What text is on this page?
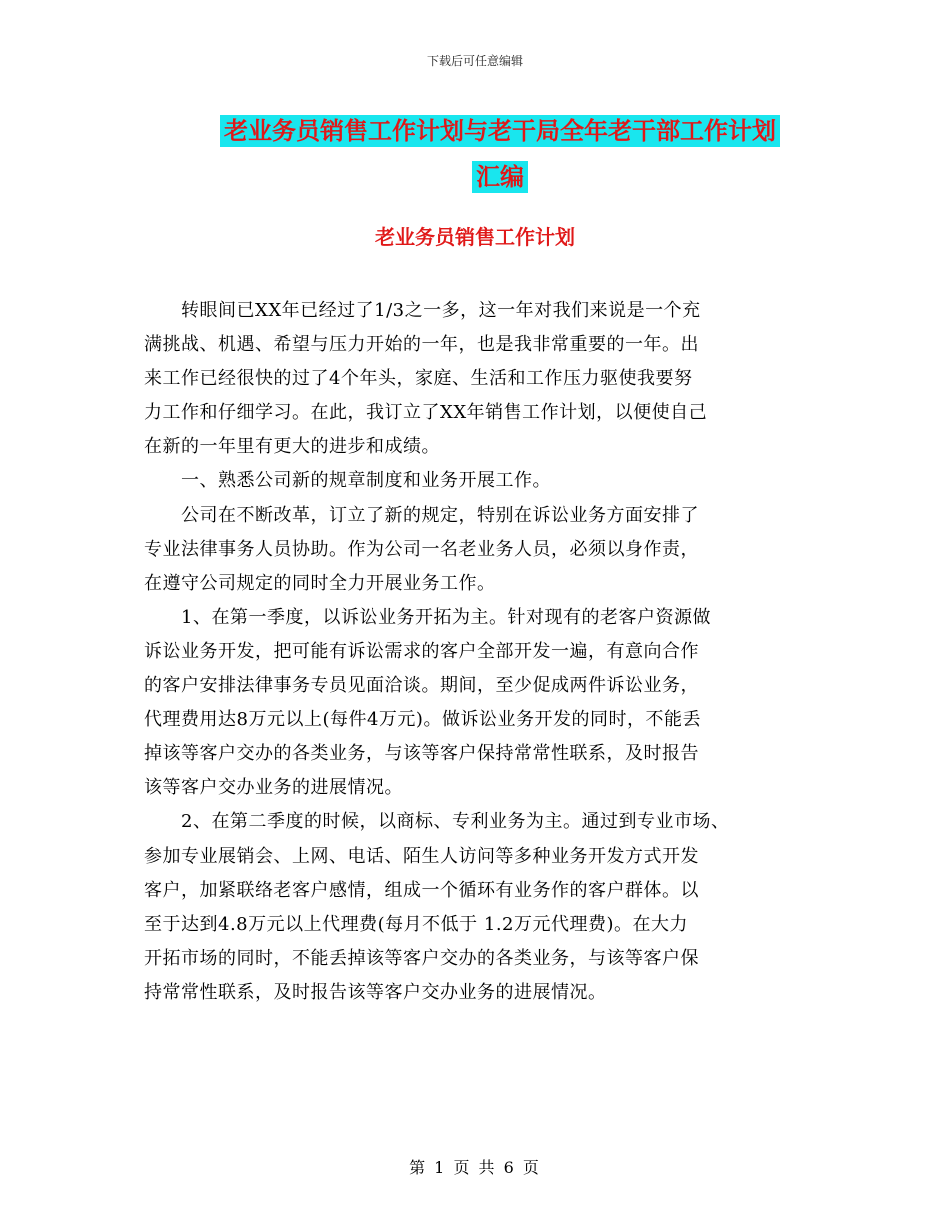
下载后可任意编辑
老业务员销售工作计划与老干局全年老干部工作计划
汇编
老业务员销售工作计划

　　转眼间已XX年已经过了1/3之一多，这一年对我们来说是一个充

满挑战、机遇、希望与压力开始的一年，也是我非常重要的一年。出

来工作已经很快的过了4个年头，家庭、生活和工作压力驱使我要努

力工作和仔细学习。在此，我订立了XX年销售工作计划，以便使自己

在新的一年里有更大的进步和成绩。

　　一、熟悉公司新的规章制度和业务开展工作。

　　公司在不断改革，订立了新的规定，特别在诉讼业务方面安排了

专业法律事务人员协助。作为公司一名老业务人员，必须以身作责，

在遵守公司规定的同时全力开展业务工作。

　　1、在第一季度，以诉讼业务开拓为主。针对现有的老客户资源做

诉讼业务开发，把可能有诉讼需求的客户全部开发一遍，有意向合作

的客户安排法律事务专员见面洽谈。期间，至少促成两件诉讼业务，

代理费用达8万元以上(每件4万元)。做诉讼业务开发的同时，不能丢

掉该等客户交办的各类业务，与该等客户保持常常性联系，及时报告

该等客户交办业务的进展情况。

　　2、在第二季度的时候，以商标、专利业务为主。通过到专业市场、

参加专业展销会、上网、电话、陌生人访问等多种业务开发方式开发

客户，加紧联络老客户感情，组成一个循环有业务作的客户群体。以

至于达到4.8万元以上代理费(每月不低于 1.2万元代理费)。在大力

开拓市场的同时，不能丢掉该等客户交办的各类业务，与该等客户保

持常常性联系，及时报告该等客户交办业务的进展情况。

第 1 页 共 6 页
